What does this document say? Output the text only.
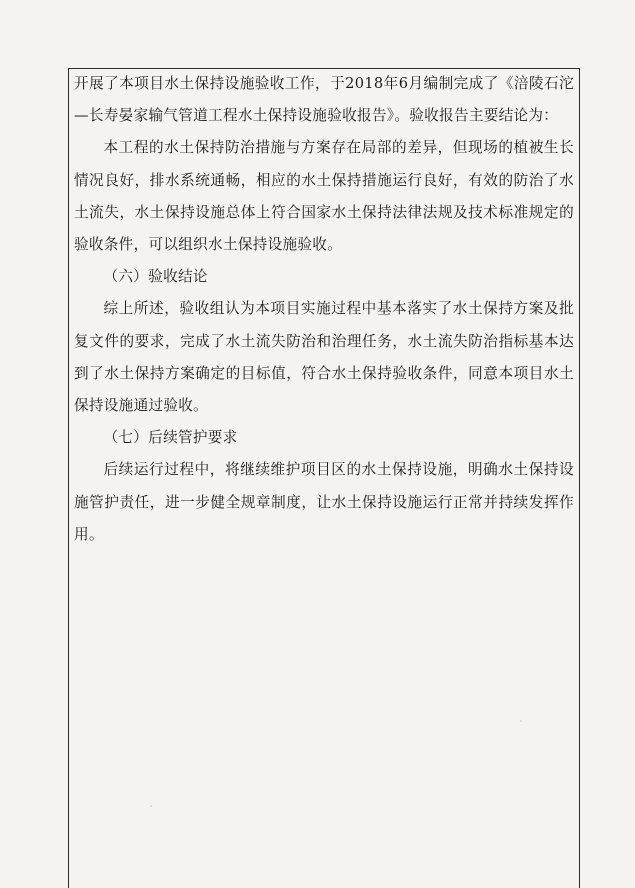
开展了本项目水土保持设施验收工作，于2018年6月编制完成了《涪陵石沱—长寿晏家输气管道工程水土保持设施验收报告》。验收报告主要结论为：

本工程的水土保持防治措施与方案存在局部的差异，但现场的植被生长情况良好，排水系统通畅，相应的水土保持措施运行良好，有效的防治了水土流失，水土保持设施总体上符合国家水土保持法律法规及技术标准规定的验收条件，可以组织水土保持设施验收。

（六）验收结论

综上所述，验收组认为本项目实施过程中基本落实了水土保持方案及批复文件的要求，完成了水土流失防治和治理任务，水土流失防治指标基本达到了水土保持方案确定的目标值，符合水土保持验收条件，同意本项目水土保持设施通过验收。

（七）后续管护要求

后续运行过程中，将继续维护项目区的水土保持设施，明确水土保持设施管护责任，进一步健全规章制度，让水土保持设施运行正常并持续发挥作用。
